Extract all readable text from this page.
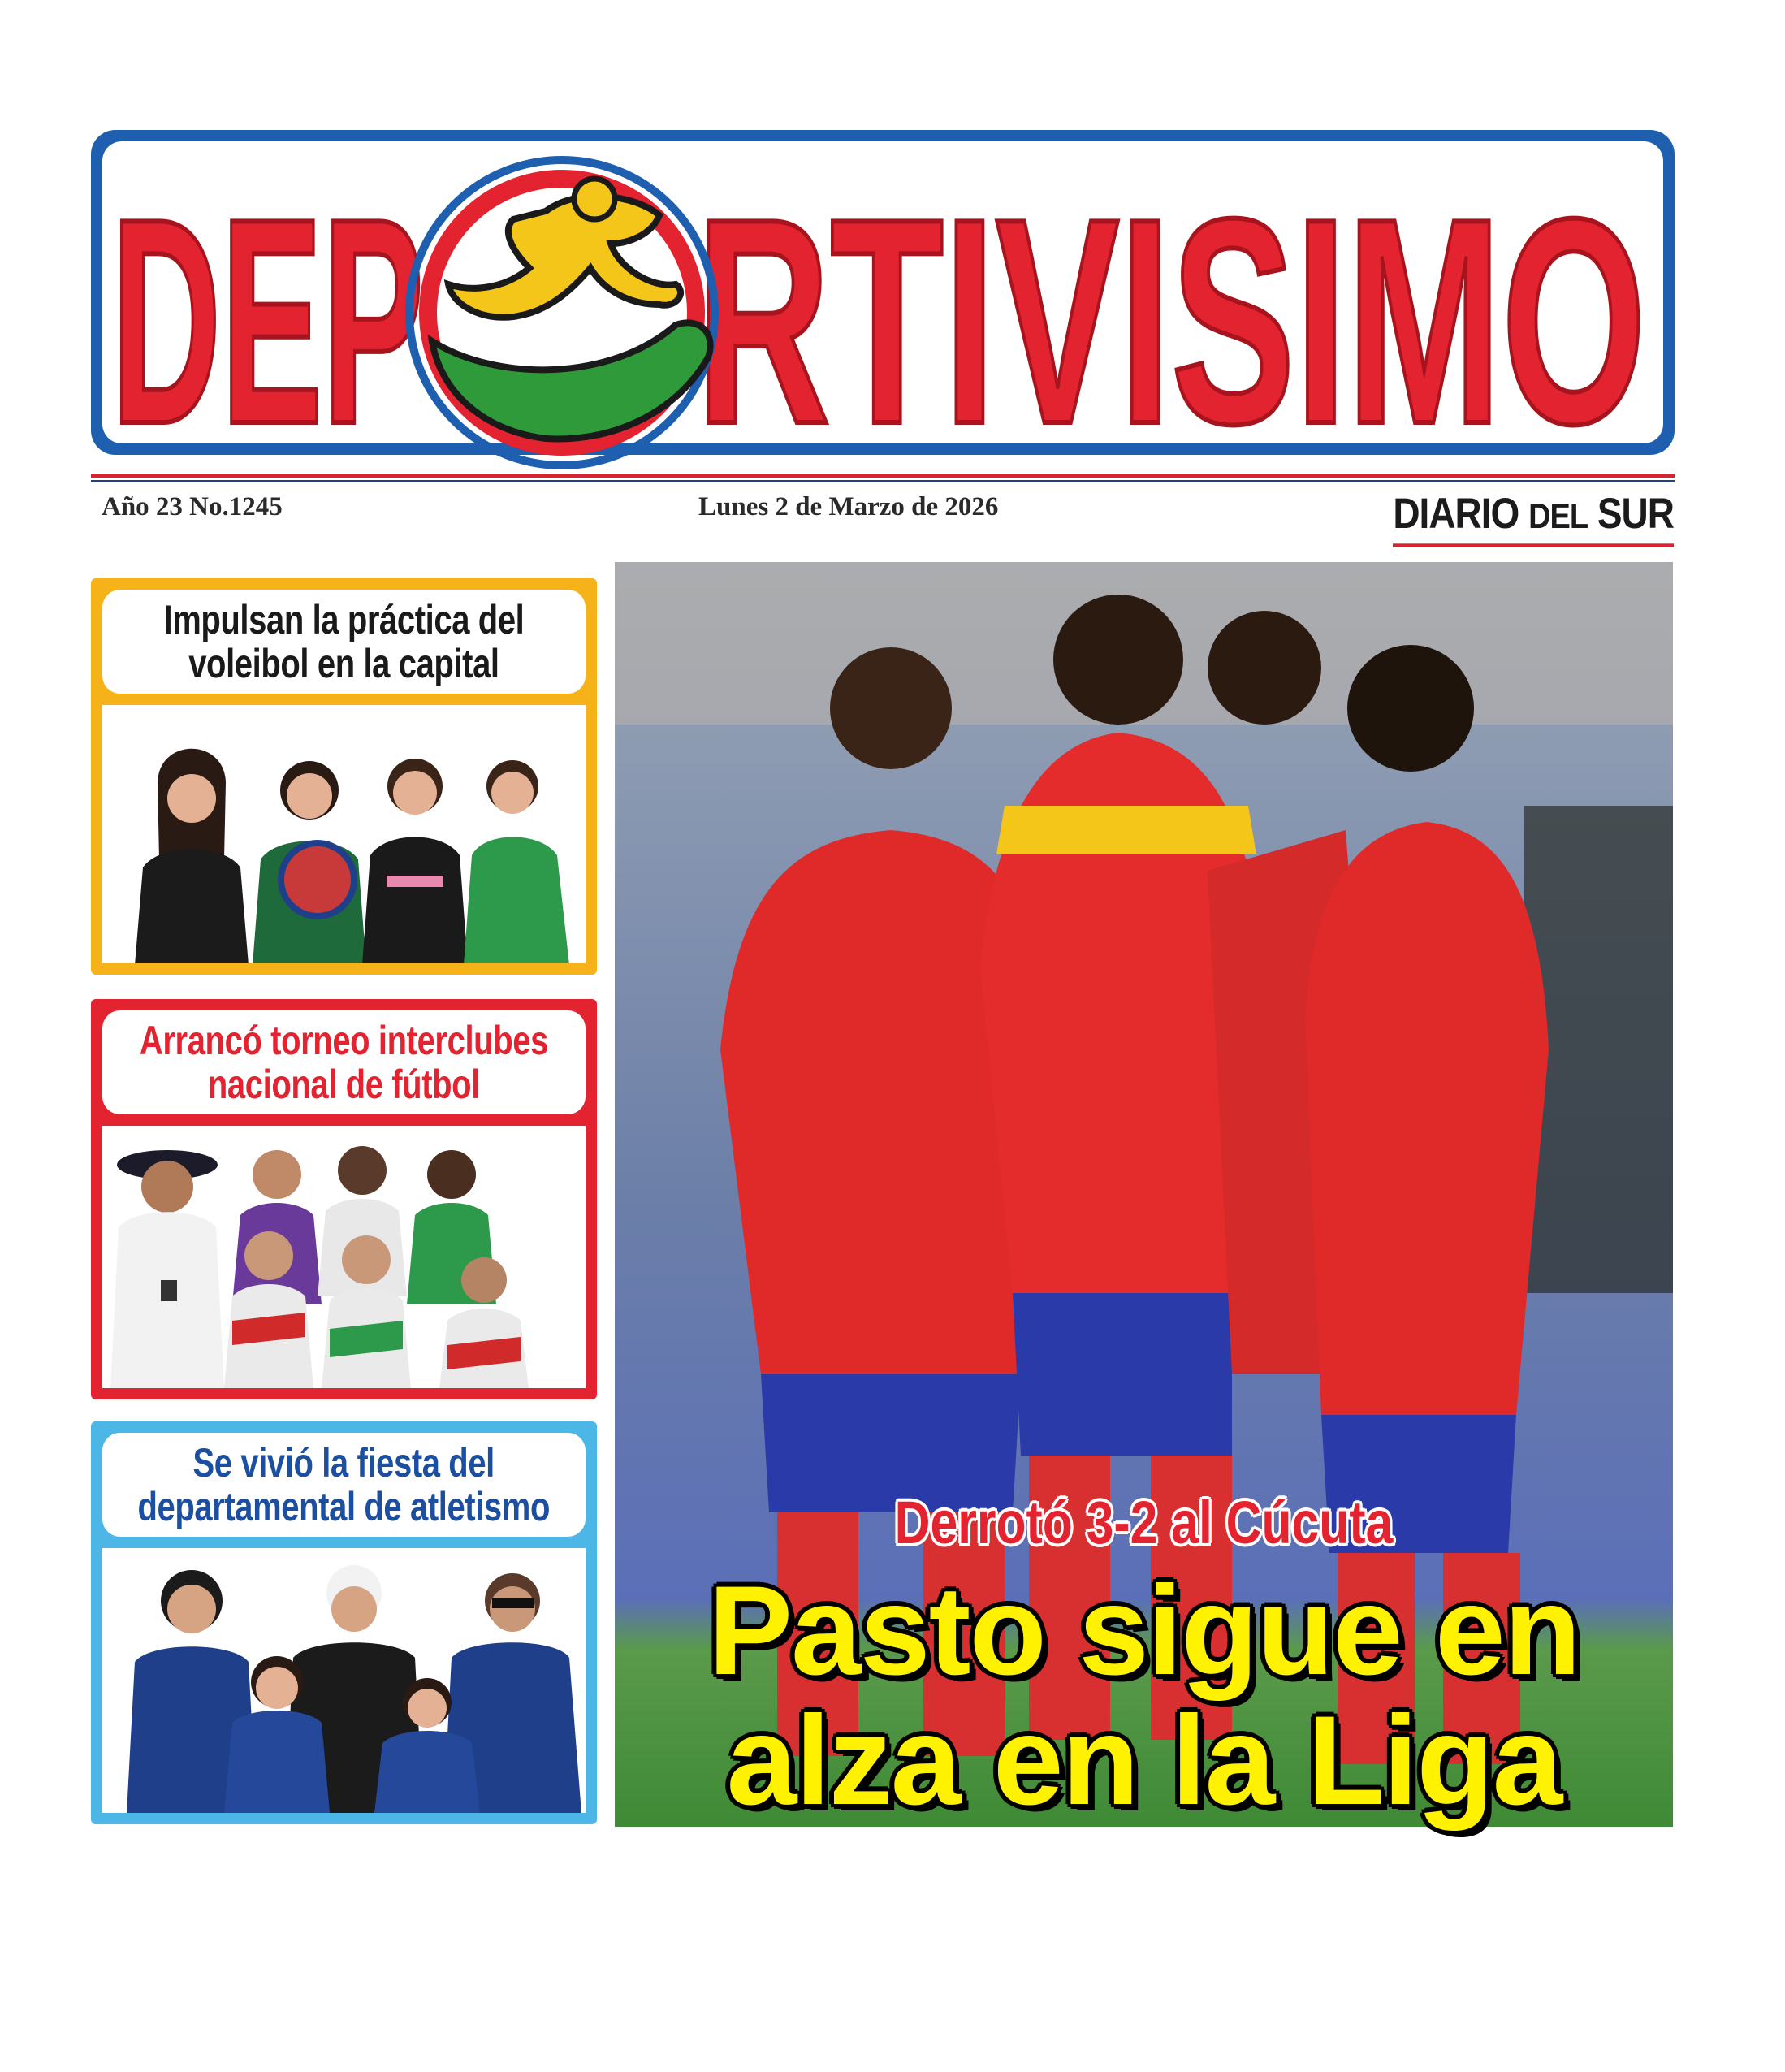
DEP RTIVISIMO
Año 23 No.1245	Lunes 2 de Marzo de 2026	DIARIO DEL SUR
Impulsan la práctica del
voleibol en la capital
Arrancó torneo interclubes
nacional de fútbol
Se vivió la fiesta del
departamental de atletismo	Derrotó 3-2 al Cúcuta
Pasto sigue en
alza en la Liga
